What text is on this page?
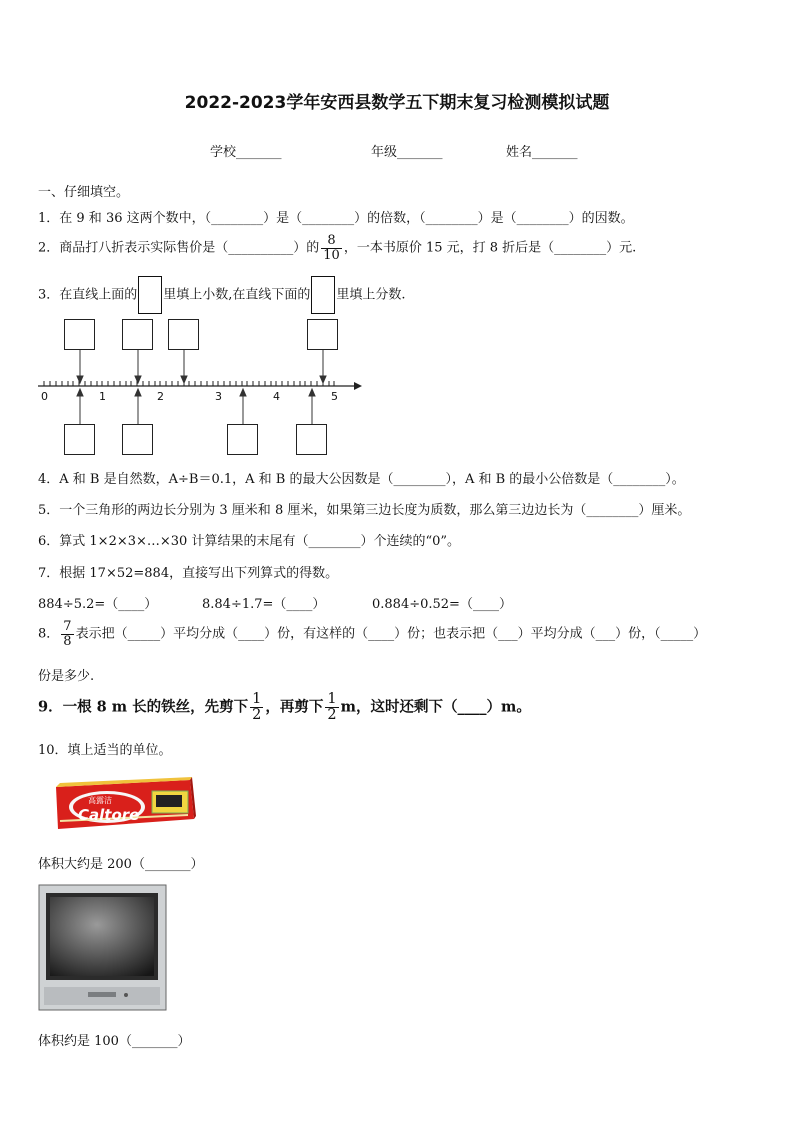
2022-2023学年安西县数学五下期末复习检测模拟试题
学校_______	年级_______	姓名_______
一、仔细填空。
1．在 9 和 36 这两个数中，（________）是（________）的倍数，（________）是（________）的因数。
2．商品打八折表示实际售价是（__________）的 $\frac{8}{10}$ ，一本书原价 15 元，打 8 折后是（________）元.
3．在直线上面的 里填上小数,在直线下面的 里填上分数.
0	1	2	3	4	5
4．A 和 B 是自然数，A÷B＝0.1，A 和 B 的最大公因数是（________），A 和 B 的最小公倍数是（________）。
5．一个三角形的两边长分别为 3 厘米和 8 厘米，如果第三边长度为质数，那么第三边边长为（________）厘米。
6．算式 1×2×3×…×30 计算结果的末尾有（________）个连续的“0”。
7．根据 17×52=884，直接写出下列算式的得数。
884÷5.2=（____）	8.84÷1.7=（____）	0.884÷0.52=（____）
8． $\frac{7}{8}$ 表示把（_____）平均分成（____）份，有这样的（____）份；也表示把（___）平均分成（___）份，（_____）
份是多少.
9．一根 8 m 长的铁丝，先剪下 $\frac{1}{2}$ ，再剪下 $\frac{1}{2}$ m，这时还剩下（____）m。
10．填上适当的单位。
高露洁
Caltore
体积大约是 200（_______）
体积约是 100（_______）
